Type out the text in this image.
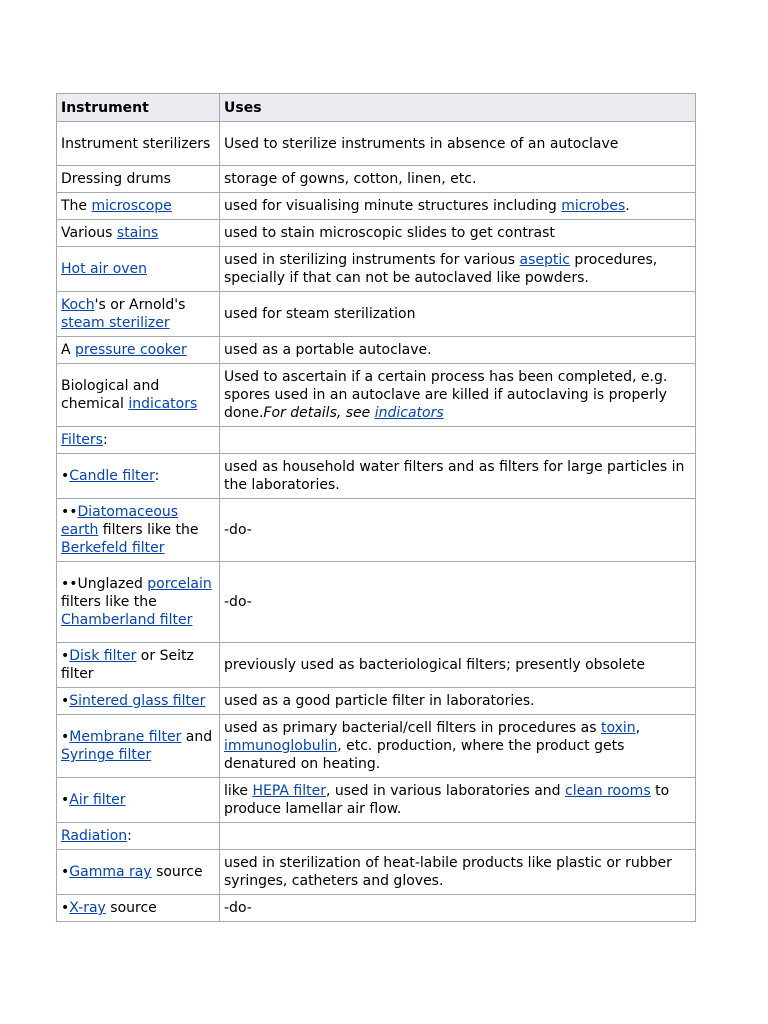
Instrument	Uses
Instrument sterilizers	Used to sterilize instruments in absence of an autoclave
Dressing drums	storage of gowns, cotton, linen, etc.
The microscope	used for visualising minute structures including microbes.
Various stains	used to stain microscopic slides to get contrast
Hot air oven	used in sterilizing instruments for various aseptic procedures, specially if that can not be autoclaved like powders.
Koch's or Arnold's steam sterilizer	used for steam sterilization
A pressure cooker	used as a portable autoclave.
Biological and chemical indicators	Used to ascertain if a certain process has been completed, e.g. spores used in an autoclave are killed if autoclaving is properly done.For details, see indicators
Filters:	
•Candle filter:	used as household water filters and as filters for large particles in the laboratories.
••Diatomaceous earth filters like the Berkefeld filter	-do-
••Unglazed porcelain filters like the Chamberland filter	-do-
•Disk filter or Seitz filter	previously used as bacteriological filters; presently obsolete
•Sintered glass filter	used as a good particle filter in laboratories.
•Membrane filter and Syringe filter	used as primary bacterial/cell filters in procedures as toxin, immunoglobulin, etc. production, where the product gets denatured on heating.
•Air filter	like HEPA filter, used in various laboratories and clean rooms to produce lamellar air flow.
Radiation:	
•Gamma ray source	used in sterilization of heat-labile products like plastic or rubber syringes, catheters and gloves.
•X-ray source	-do-
